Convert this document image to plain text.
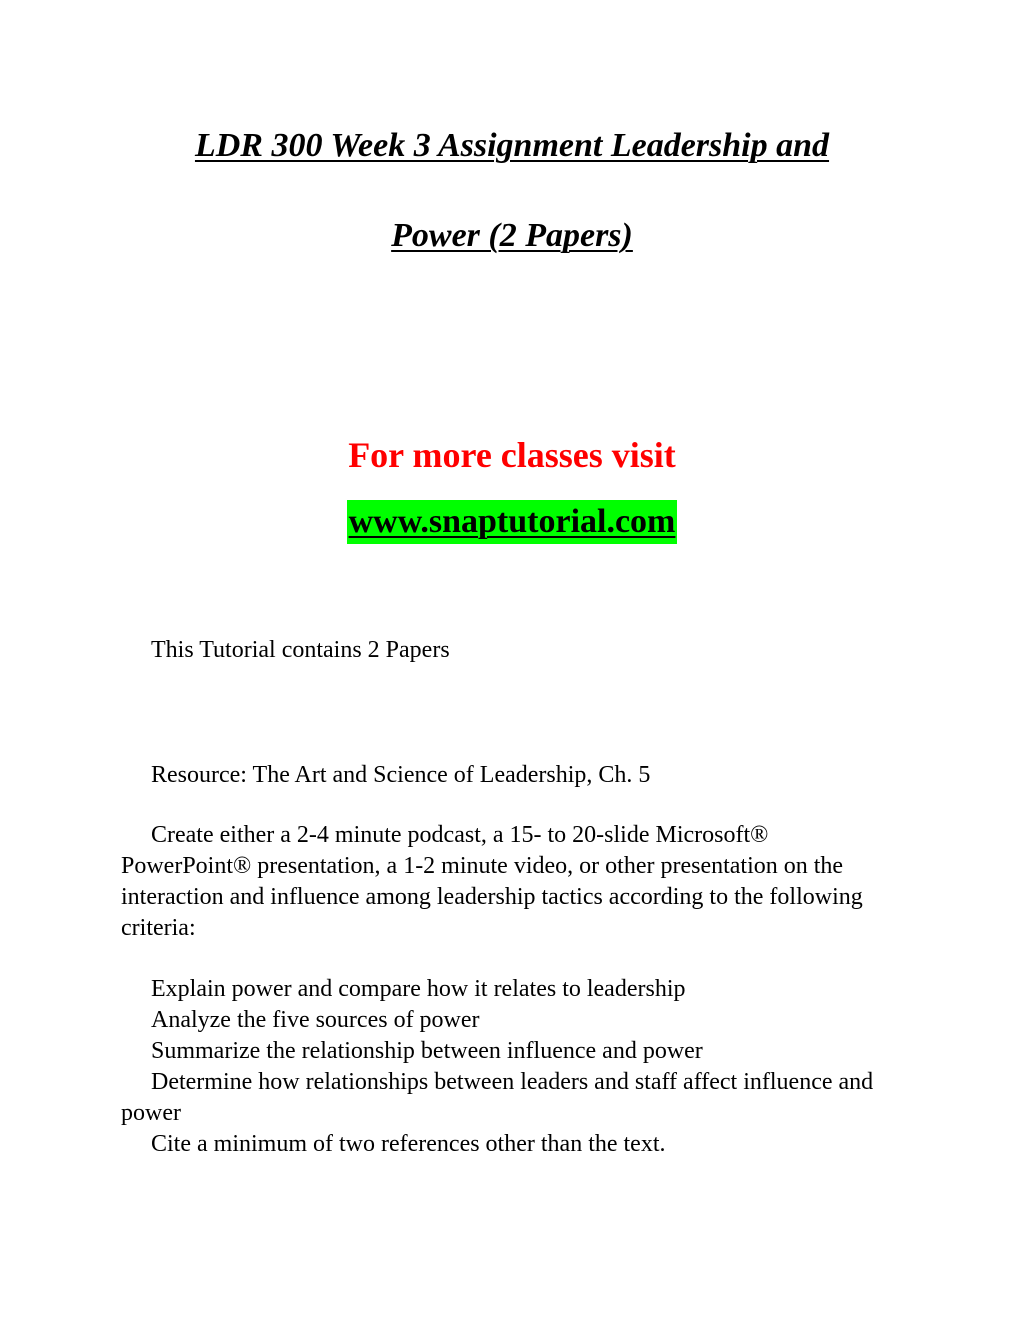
LDR 300 Week 3 Assignment Leadership and
Power (2 Papers)

For more classes visit

www.snaptutorial.com

This Tutorial contains 2 Papers

Resource: The Art and Science of Leadership, Ch. 5

Create either a 2-4 minute podcast, a 15- to 20-slide Microsoft® PowerPoint® presentation, a 1-2 minute video, or other presentation on the interaction and influence among leadership tactics according to the following criteria:

Explain power and compare how it relates to leadership
Analyze the five sources of power
Summarize the relationship between influence and power
Determine how relationships between leaders and staff affect influence and power
Cite a minimum of two references other than the text.
